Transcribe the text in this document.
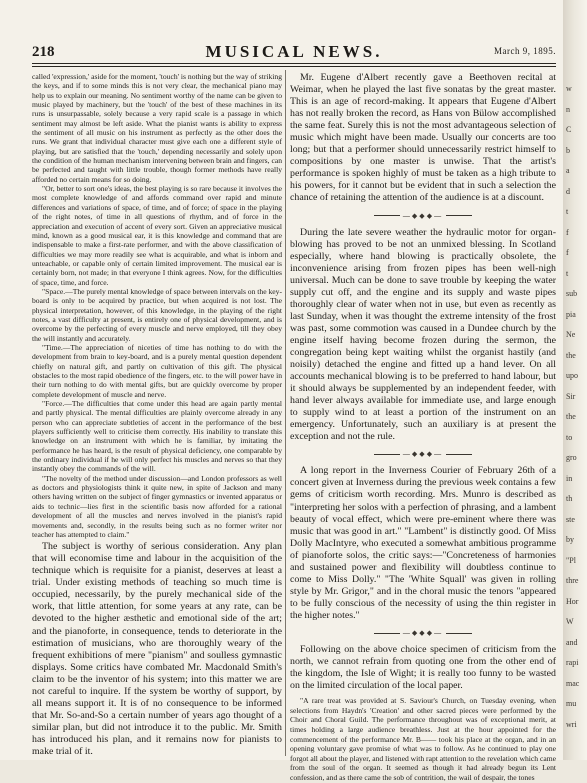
218	MUSICAL NEWS.	March 9, 1895.

called 'expression,' aside for the moment, 'touch' is nothing but the way of striking the keys, and if to some minds this is not very clear, the mechanical piano may help us to explain our meaning. No sentiment worthy of the name can be given to music played by machinery, but the 'touch' of the best of these machines in its runs is unsurpassable, solely because a very rapid scale is a passage in which sentiment may almost be left aside. What the pianist wants is ability to express the sentiment of all music on his instrument as perfectly as the other does the runs. We grant that individual character must give each one a different style of playing, but are satisfied that the 'touch,' depending necessarily and solely upon the condition of the human mechanism intervening between brain and fingers, can be perfected and taught with little trouble, though former methods have really afforded no certain means for so doing.

"Or, better to sort one's ideas, the best playing is so rare because it involves the most complete knowledge of and affords command over rapid and minute differences and variations of space, of time, and of force; of space in the playing of the right notes, of time in all questions of rhythm, and of force in the appreciation and execution of accent of every sort. Given an appreciative musical mind, known as a good musical ear, it is this knowledge and command that are indispensable to make a first-rate performer, and with the above classification of difficulties we may more readily see what is acquirable, and what is inborn and unteachable, or capable only of certain limited improvement. The musical ear is certainly born, not made; in that everyone I think agrees. Now, for the difficulties of space, time, and force.

"Space.—The purely mental knowledge of space between intervals on the key-board is only to be acquired by practice, but when acquired is not lost. The physical interpretation, however, of this knowledge, in the playing of the right notes, a vast difficulty at present, is entirely one of physical development, and is overcome by the perfecting of every muscle and nerve employed, till they obey the will instantly and accurately.

"Time.—The appreciation of niceties of time has nothing to do with the development from brain to key-board, and is a purely mental question dependent chiefly on natural gift, and partly on cultivation of this gift. The physical obstacles to the most rapid obedience of the fingers, etc. to the will power have in their turn nothing to do with mental gifts, but are quickly overcome by proper complete development of muscle and nerve.

"Force.—The difficulties that come under this head are again partly mental and partly physical. The mental difficulties are plainly overcome already in any person who can appreciate subtleties of accent in the performance of the best players sufficiently well to criticise them correctly. His inability to translate this knowledge on an instrument with which he is familiar, by imitating the performance he has heard, is the result of physical deficiency, one comparable by the ordinary individual if he will only perfect his muscles and nerves so that they instantly obey the commands of the will.

"The novelty of the method under discussion—and London professors as well as doctors and physiologists think it quite new, in spite of Jackson and many others having written on the subject of finger gymnastics or invented apparatus or aids to technic—lies first in the scientific basis now afforded for a rational development of all the muscles and nerves involved in the pianist's rapid movements and, secondly, in the results being such as no former writer nor teacher has attempted to claim."

The subject is worthy of serious consideration. Any plan that will economise time and labour in the acquisition of the technique which is requisite for a pianist, deserves at least a trial. Under existing methods of teaching so much time is occupied, necessarily, by the purely mechanical side of the work, that little attention, for some years at any rate, can be devoted to the higher æsthetic and emotional side of the art; and the pianoforte, in consequence, tends to deteriorate in the estimation of musicians, who are thoroughly weary of the frequent exhibitions of mere "pianism" and soulless gymnastic displays. Some critics have combated Mr. Macdonald Smith's claim to be the inventor of his system; into this matter we are not careful to inquire. If the system be worthy of support, by all means support it. It is of no consequence to be informed that Mr. So-and-So a certain number of years ago thought of a similar plan, but did not introduce it to the public. Mr. Smith has introduced his plan, and it remains now for pianists to make trial of it.

Mr. Eugene d'Albert recently gave a Beethoven recital at Weimar, when he played the last five sonatas by the great master. This is an age of record-making. It appears that Eugene d'Albert has not really broken the record, as Hans von Bülow accomplished the same feat. Surely this is not the most advantageous selection of music which might have been made. Usually our concerts are too long; but that a performer should unnecessarily restrict himself to compositions by one master is unwise. That the artist's performance is spoken highly of must be taken as a high tribute to his powers, for it cannot but be evident that in such a selection the chance of retaining the attention of the audience is at a discount.

—◆◆◆—

During the late severe weather the hydraulic motor for organ-blowing has proved to be not an unmixed blessing. In Scotland especially, where hand blowing is practically obsolete, the inconvenience arising from frozen pipes has been well-nigh universal. Much can be done to save trouble by keeping the water supply cut off, and the engine and its supply and waste pipes thoroughly clear of water when not in use, but even as recently as last Sunday, when it was thought the extreme intensity of the frost was past, some commotion was caused in a Dundee church by the engine itself having become frozen during the sermon, the congregation being kept waiting whilst the organist hastily (and noisily) detached the engine and fitted up a hand lever. On all accounts mechanical blowing is to be preferred to hand labour, but it should always be supplemented by an independent feeder, with hand lever always available for immediate use, and large enough to supply wind to at least a portion of the instrument on an emergency. Unfortunately, such an auxiliary is at present the exception and not the rule.

—◆◆◆—

A long report in the Inverness Courier of February 26th of a concert given at Inverness during the previous week contains a few gems of criticism worth recording. Mrs. Munro is described as "interpreting her solos with a perfection of phrasing, and a lambent beauty of vocal effect, which were pre-eminent where there was music that was good in art." "Lambent" is distinctly good. Of Miss Dolly MacIntyre, who executed a somewhat ambitious programme of pianoforte solos, the critic says:—"Concreteness of harmonies and sustained power and flexibility will doubtless continue to come to Miss Dolly." "The 'White Squall' was given in rolling style by Mr. Grigor," and in the choral music the tenors "appeared to be fully conscious of the necessity of using the thin register in the higher notes."

—◆◆◆—

Following on the above choice specimen of criticism from the north, we cannot refrain from quoting one from the other end of the kingdom, the Isle of Wight; it is really too funny to be wasted on the limited circulation of the local paper.

"A rare treat was provided at S. Saviour's Church, on Tuesday evening, when selections from Haydn's 'Creation' and other sacred pieces were performed by the Choir and Choral Guild. The performance throughout was of exceptional merit, at times holding a large audience breathless. Just at the hour appointed for the commencement of the performance Mr. B—— took his place at the organ, and in an opening voluntary gave promise of what was to follow. As he continued to play one forgot all about the player, and listened with rapt attention to the revelation which came from the soul of the organ. It seemed as though it had already begun its Lent confession, and as there came the sob of contrition, the wail of despair, the tones

w
n
C
b
a
d
t
f
f
t
sub
pia
Ne
the
upo
Sir
the
to
gro
in
th
ste
by
"Pl
thre
Hor
W
and
rapi
mac
mu
wri
